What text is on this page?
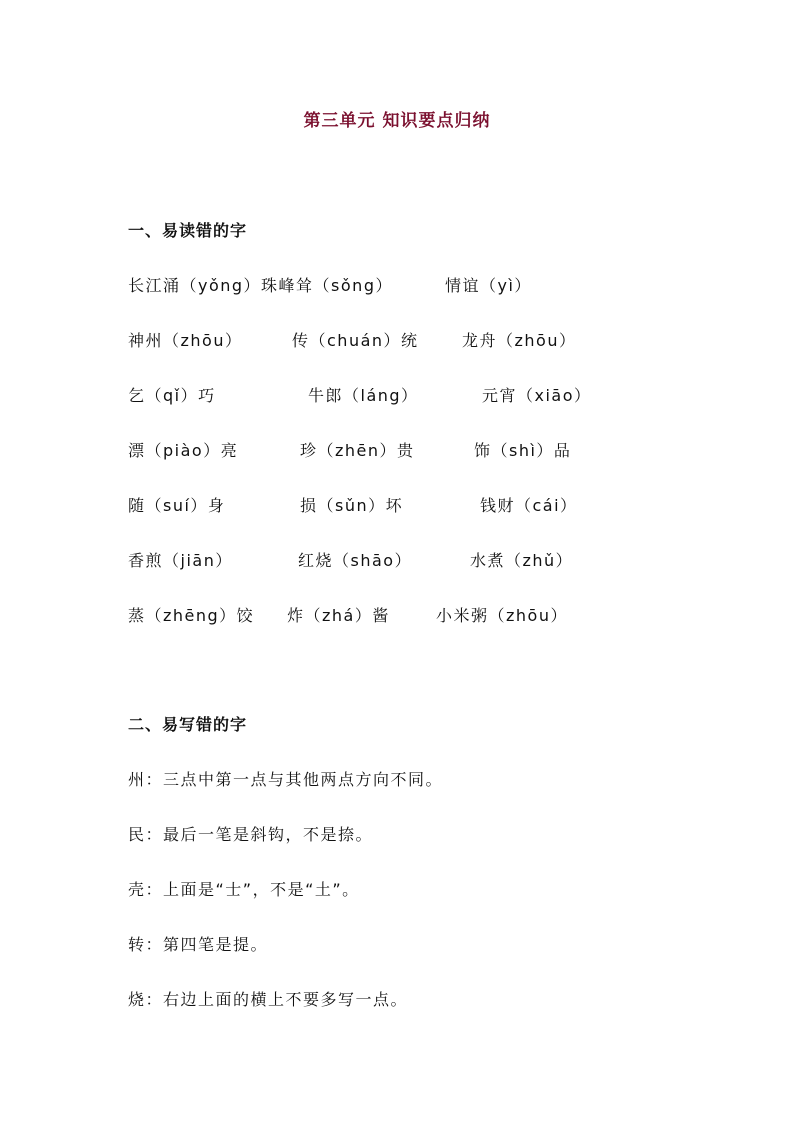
第三单元 知识要点归纳
一、易读错的字
长江涌（yǒng）珠峰耸（sǒng）	情谊（yì）
神州（zhōu）	传（chuán）统	龙舟（zhōu）
乞（qǐ）巧	牛郎（láng）	元宵（xiāo）
漂（piào）亮	珍（zhēn）贵	饰（shì）品
随（suí）身	损（sǔn）坏	钱财（cái）
香煎（jiān）	红烧（shāo）	水煮（zhǔ）
蒸（zhēng）饺 炸（zhá）酱	小米粥（zhōu）
二、易写错的字
州：三点中第一点与其他两点方向不同。
民：最后一笔是斜钩，不是捺。
壳：上面是“士”，不是“土”。
转：第四笔是提。
烧：右边上面的横上不要多写一点。
